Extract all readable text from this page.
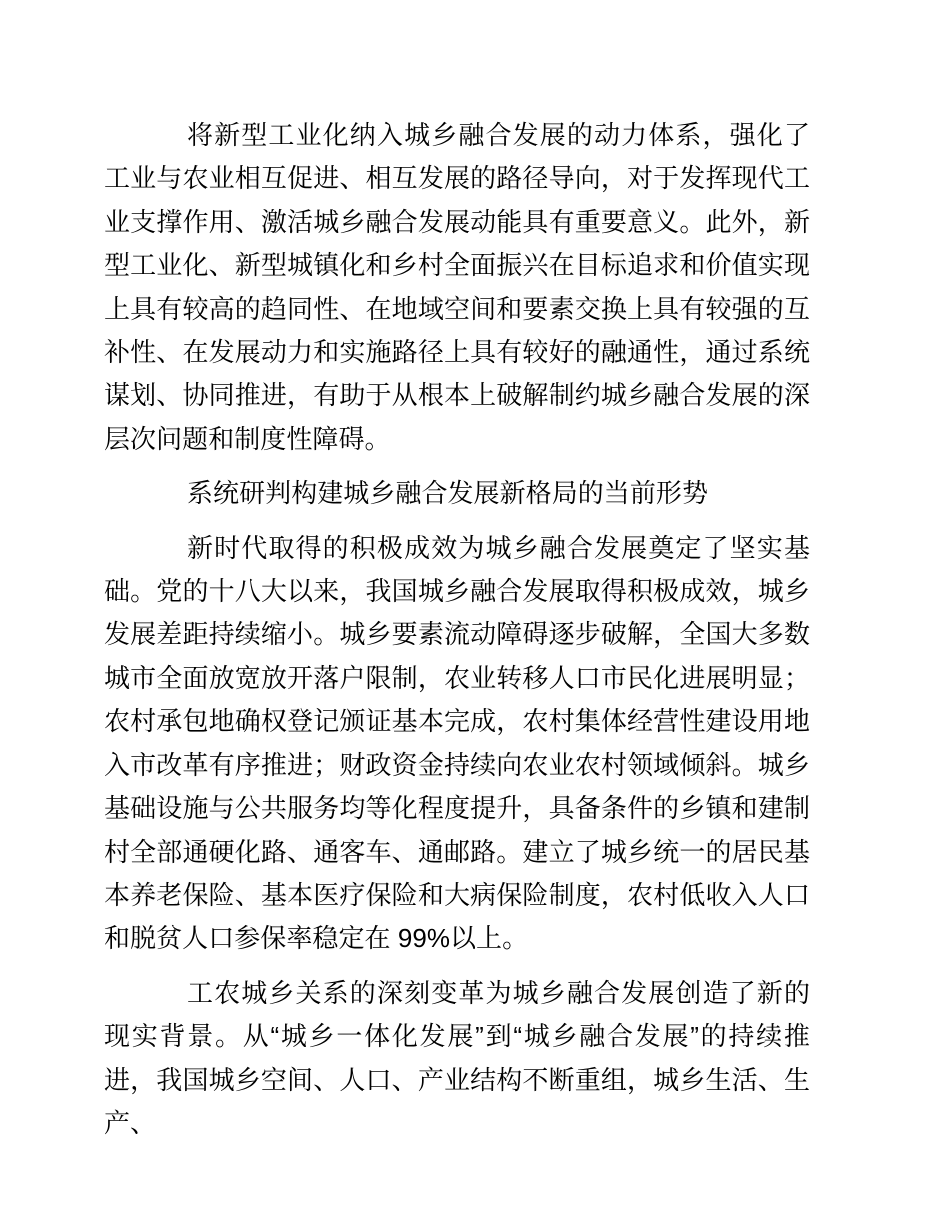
将新型工业化纳入城乡融合发展的动力体系，强化了工业与农业相互促进、相互发展的路径导向，对于发挥现代工业支撑作用、激活城乡融合发展动能具有重要意义。此外，新型工业化、新型城镇化和乡村全面振兴在目标追求和价值实现上具有较高的趋同性、在地域空间和要素交换上具有较强的互补性、在发展动力和实施路径上具有较好的融通性，通过系统谋划、协同推进，有助于从根本上破解制约城乡融合发展的深层次问题和制度性障碍。

系统研判构建城乡融合发展新格局的当前形势

新时代取得的积极成效为城乡融合发展奠定了坚实基础。党的十八大以来，我国城乡融合发展取得积极成效，城乡发展差距持续缩小。城乡要素流动障碍逐步破解，全国大多数城市全面放宽放开落户限制，农业转移人口市民化进展明显；农村承包地确权登记颁证基本完成，农村集体经营性建设用地入市改革有序推进；财政资金持续向农业农村领域倾斜。城乡基础设施与公共服务均等化程度提升，具备条件的乡镇和建制村全部通硬化路、通客车、通邮路。建立了城乡统一的居民基本养老保险、基本医疗保险和大病保险制度，农村低收入人口和脱贫人口参保率稳定在 99%以上。

工农城乡关系的深刻变革为城乡融合发展创造了新的现实背景。从“城乡一体化发展”到“城乡融合发展”的持续推进，我国城乡空间、人口、产业结构不断重组，城乡生活、生产、
